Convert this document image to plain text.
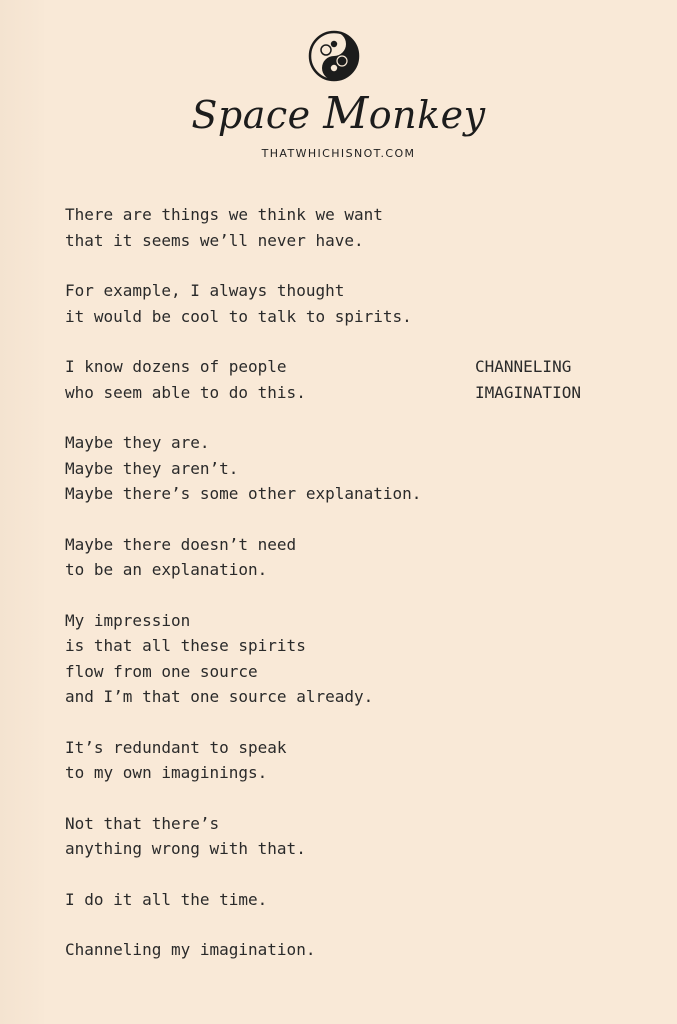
Space Monkey
THATWHICHISNOT.COM
CHANNELING
IMAGINATION
There are things we think we want
that it seems we’ll never have.
For example, I always thought
it would be cool to talk to spirits.
I know dozens of people
who seem able to do this.
Maybe they are.
Maybe they aren’t.
Maybe there’s some other explanation.
Maybe there doesn’t need
to be an explanation.
My impression
is that all these spirits
flow from one source
and I’m that one source already.
It’s redundant to speak
to my own imaginings.
Not that there’s
anything wrong with that.
I do it all the time.
Channeling my imagination.
